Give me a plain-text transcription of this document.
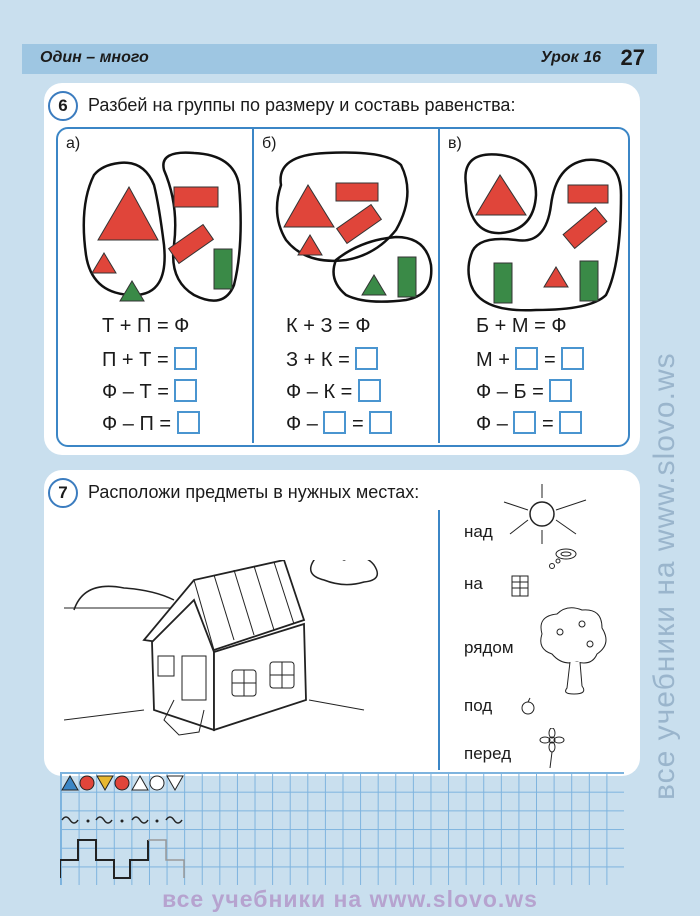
Один – много	Урок 16 27
6	Разбей на группы по размеру и составь равенства:
а)
Т + П = Ф
П + Т =
Ф – Т =
Ф – П =
б)
К + З = Ф
З + К =
Ф – К =
Ф – =
в)
Б + М = Ф
М + =
Ф – Б =
Ф – =
7	Расположи предметы в нужных местах:
над
на
рядом
под
перед	все учебники на www.slovo.ws
все учебники на www.slovo.ws
